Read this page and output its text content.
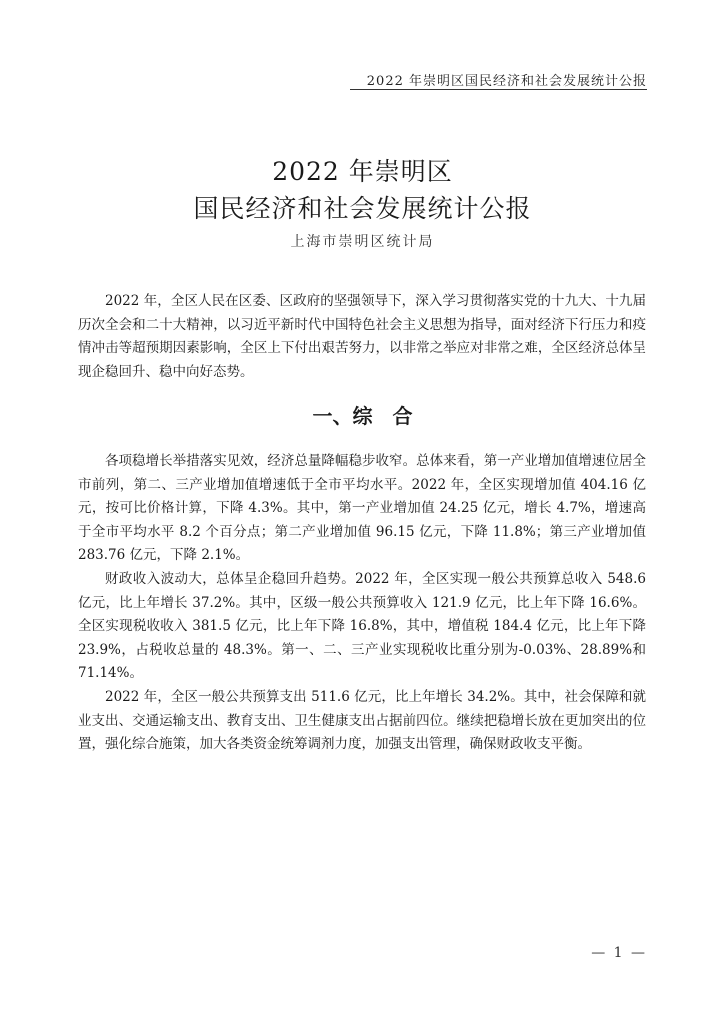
2022 年崇明区国民经济和社会发展统计公报
2022 年崇明区
国民经济和社会发展统计公报
上海市崇明区统计局

2022 年，全区人民在区委、区政府的坚强领导下，深入学习贯彻落实党的十九大、十九届历次全会和二十大精神，以习近平新时代中国特色社会主义思想为指导，面对经济下行压力和疫情冲击等超预期因素影响，全区上下付出艰苦努力，以非常之举应对非常之难，全区经济总体呈现企稳回升、稳中向好态势。

一、综　合

各项稳增长举措落实见效，经济总量降幅稳步收窄。总体来看，第一产业增加值增速位居全市前列，第二、三产业增加值增速低于全市平均水平。2022 年，全区实现增加值 404.16 亿元，按可比价格计算，下降 4.3%。其中，第一产业增加值 24.25 亿元，增长 4.7%，增速高于全市平均水平 8.2 个百分点；第二产业增加值 96.15 亿元，下降 11.8%；第三产业增加值 283.76 亿元，下降 2.1%。

财政收入波动大，总体呈企稳回升趋势。2022 年，全区实现一般公共预算总收入 548.6 亿元，比上年增长 37.2%。其中，区级一般公共预算收入 121.9 亿元，比上年下降 16.6%。全区实现税收收入 381.5 亿元，比上年下降 16.8%，其中，增值税 184.4 亿元，比上年下降 23.9%，占税收总量的 48.3%。第一、二、三产业实现税收比重分别为-0.03%、28.89%和 71.14%。

2022 年，全区一般公共预算支出 511.6 亿元，比上年增长 34.2%。其中，社会保障和就业支出、交通运输支出、教育支出、卫生健康支出占据前四位。继续把稳增长放在更加突出的位置，强化综合施策，加大各类资金统筹调剂力度，加强支出管理，确保财政收支平衡。

— 1 —
